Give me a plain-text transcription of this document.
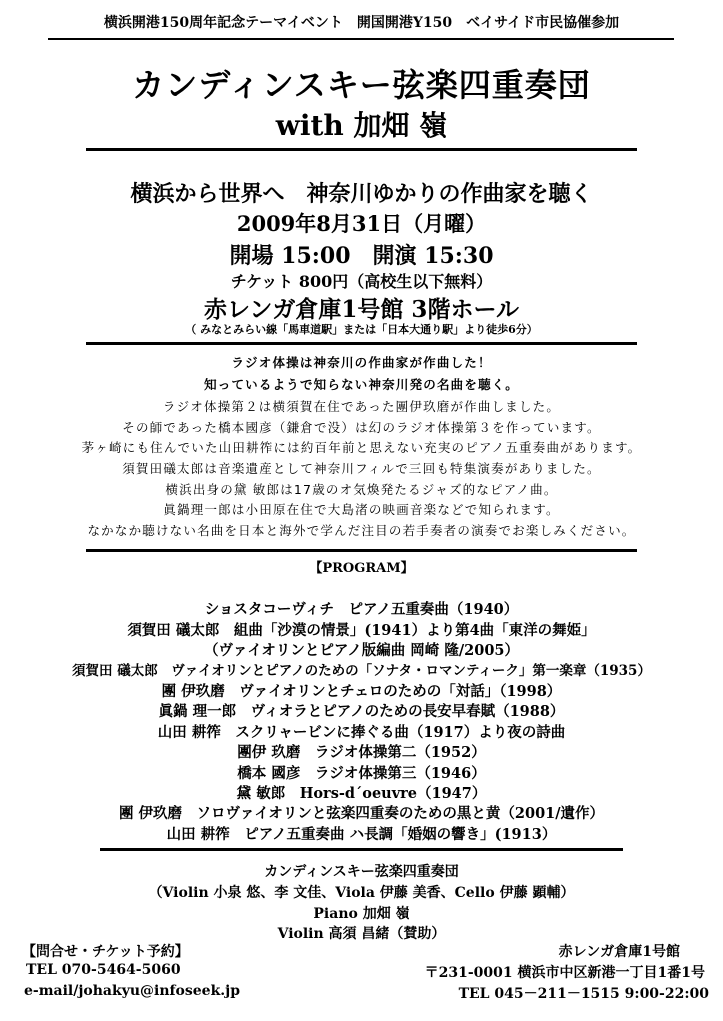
横浜開港150周年記念テーマイベント　開国開港Y150　ベイサイド市民協催参加
カンディンスキー弦楽四重奏団
with 加畑 嶺
横浜から世界へ　神奈川ゆかりの作曲家を聴く
2009年8月31日（月曜）
開場 15:00　開演 15:30
チケット 800円（高校生以下無料）
赤レンガ倉庫1号館 3階ホール
（ みなとみらい線「馬車道駅」または「日本大通り駅」より徒歩6分）
ラジオ体操は神奈川の作曲家が作曲した！
知っているようで知らない神奈川発の名曲を聴く。
ラジオ体操第２は横須賀在住であった團伊玖磨が作曲しました。
その師であった橋本國彦（鎌倉で没）は幻のラジオ体操第３を作っています。
茅ヶ崎にも住んでいた山田耕筰には約百年前と思えない充実のピアノ五重奏曲があります。
須賀田礒太郎は音楽遺産として神奈川フィルで三回も特集演奏がありました。
横浜出身の黛 敏郎は17歳のオ気煥発たるジャズ的なピアノ曲。
眞鍋理一郎は小田原在住で大島渚の映画音楽などで知られます。
なかなか聴けない名曲を日本と海外で学んだ注目の若手奏者の演奏でお楽しみください。
【PROGRAM】
ショスタコーヴィチ　ピアノ五重奏曲（1940）
須賀田 礒太郎　組曲「沙漠の情景」(1941）より第4曲「東洋の舞姫」
（ヴァイオリンとピアノ版編曲 岡崎 隆/2005）
須賀田 礒太郎　ヴァイオリンとピアノのための「ソナタ・ロマンティーク」第一楽章（1935）
團 伊玖磨　ヴァイオリンとチェロのための「対話」（1998）
眞鍋 理一郎　ヴィオラとピアノのための長安早春賦（1988）
山田 耕筰　スクリャービンに捧ぐる曲（1917）より夜の詩曲
團伊 玖磨　ラジオ体操第二（1952）
橋本 國彦　ラジオ体操第三（1946）
黛 敏郎　Hors-d´oeuvre（1947）
團 伊玖磨　ソロヴァイオリンと弦楽四重奏のための黒と黄（2001/遺作）
山田 耕筰　ピアノ五重奏曲 ハ長調「婚姻の響き」(1913）
カンディンスキー弦楽四重奏団
（Violin 小泉 悠、李 文佳、Viola 伊藤 美香、Cello 伊藤 顕輔）
Piano 加畑 嶺
Violin 高須 昌緒（賛助）
【問合せ・チケット予約】
TEL 070-5464-5060
e-mail/johakyu@infoseek.jp
赤レンガ倉庫1号館
〒231-0001 横浜市中区新港一丁目1番1号
TEL 045－211－1515 9:00-22:00
